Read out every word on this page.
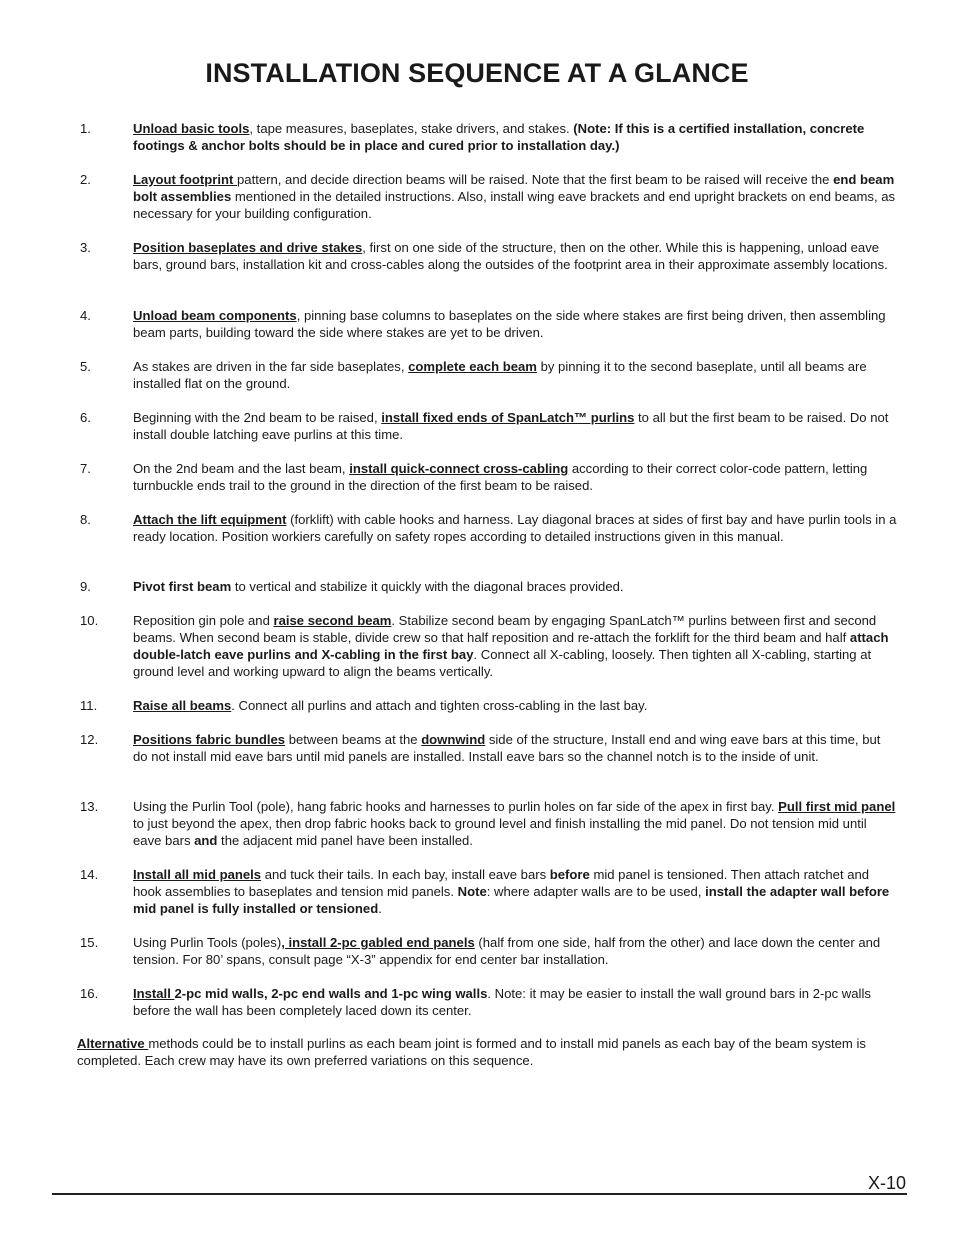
INSTALLATION SEQUENCE AT A GLANCE
1.	Unload basic tools, tape measures, baseplates, stake drivers, and stakes. (Note: If this is a certified installation, concrete footings & anchor bolts should be in place and cured prior to installation day.)
2.	Layout footprint pattern, and decide direction beams will be raised. Note that the first beam to be raised will receive the end beam bolt assemblies mentioned in the detailed instructions. Also, install wing eave brackets and end upright brackets on end beams, as necessary for your building configuration.
3.	Position baseplates and drive stakes, first on one side of the structure, then on the other. While this is happening, unload eave bars, ground bars, installation kit and cross-cables along the outsides of the footprint area in their approximate assembly locations.
4.	Unload beam components, pinning base columns to baseplates on the side where stakes are first being driven, then assembling beam parts, building toward the side where stakes are yet to be driven.
5.	As stakes are driven in the far side baseplates, complete each beam by pinning it to the second baseplate, until all beams are installed flat on the ground.
6.	Beginning with the 2nd beam to be raised, install fixed ends of SpanLatch™ purlins to all but the first beam to be raised. Do not install double latching eave purlins at this time.
7.	On the 2nd beam and the last beam, install quick-connect cross-cabling according to their correct color-code pattern, letting turnbuckle ends trail to the ground in the direction of the first beam to be raised.
8.	Attach the lift equipment (forklift) with cable hooks and harness. Lay diagonal braces at sides of first bay and have purlin tools in a ready location. Position workiers carefully on safety ropes according to detailed instructions given in this manual.
9.	Pivot first beam to vertical and stabilize it quickly with the diagonal braces provided.
10.	Reposition gin pole and raise second beam. Stabilize second beam by engaging SpanLatch™ purlins between first and second beams. When second beam is stable, divide crew so that half reposition and re-attach the forklift for the third beam and half attach double-latch eave purlins and X-cabling in the first bay. Connect all X-cabling, loosely. Then tighten all X-cabling, starting at ground level and working upward to align the beams vertically.
11.	Raise all beams. Connect all purlins and attach and tighten cross-cabling in the last bay.
12.	Positions fabric bundles between beams at the downwind side of the structure, Install end and wing eave bars at this time, but do not install mid eave bars until mid panels are installed. Install eave bars so the channel notch is to the inside of unit.
13.	Using the Purlin Tool (pole), hang fabric hooks and harnesses to purlin holes on far side of the apex in first bay. Pull first mid panel to just beyond the apex, then drop fabric hooks back to ground level and finish installing the mid panel. Do not tension mid until eave bars and the adjacent mid panel have been installed.
14.	Install all mid panels and tuck their tails. In each bay, install eave bars before mid panel is tensioned. Then attach ratchet and hook assemblies to baseplates and tension mid panels. Note: where adapter walls are to be used, install the adapter wall before mid panel is fully installed or tensioned.
15.	Using Purlin Tools (poles), install 2-pc gabled end panels (half from one side, half from the other) and lace down the center and tension. For 80’ spans, consult page “X-3” appendix for end center bar installation.
16.	Install 2-pc mid walls, 2-pc end walls and 1-pc wing walls. Note: it may be easier to install the wall ground bars in 2-pc walls before the wall has been completely laced down its center.
Alternative methods could be to install purlins as each beam joint is formed and to install mid panels as each bay of the beam system is completed. Each crew may have its own preferred variations on this sequence.
X-10
